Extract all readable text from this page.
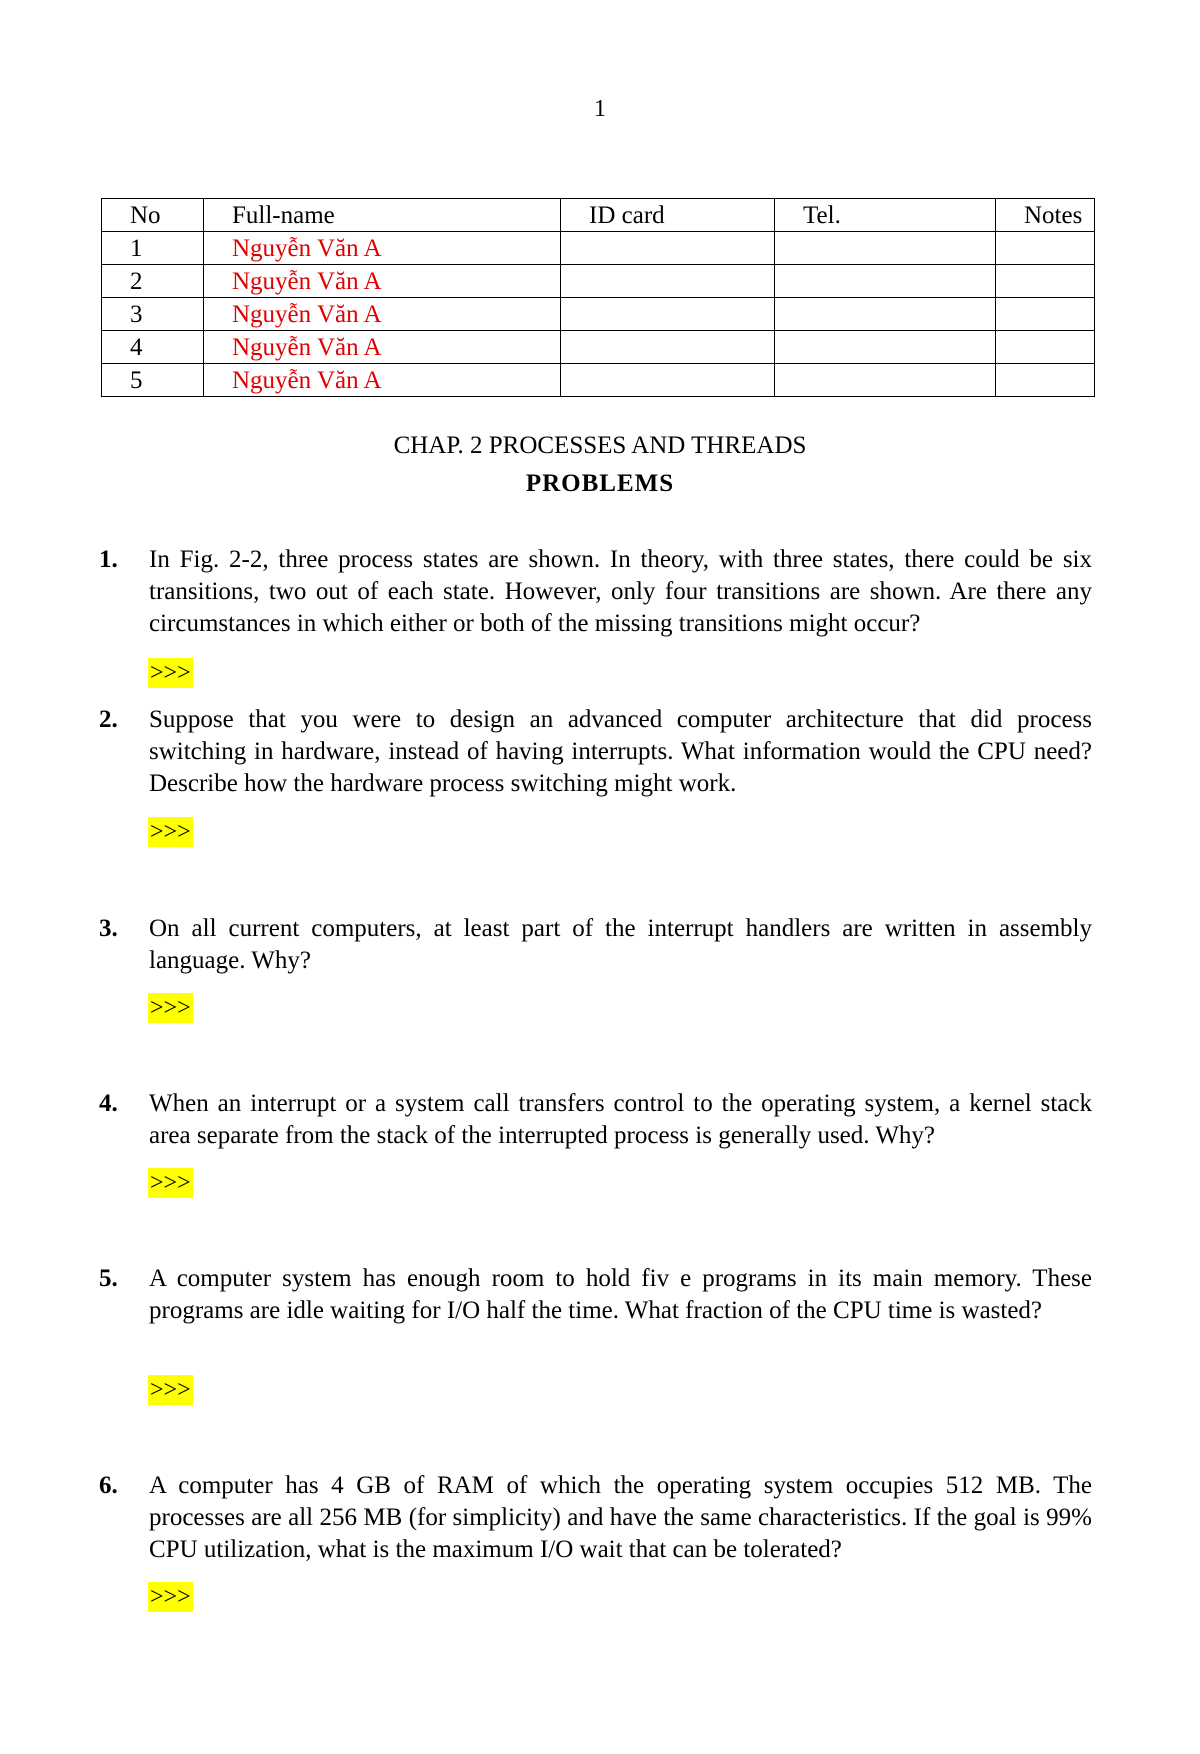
1
No	Full-name	ID card	Tel.	Notes
1	Nguyễn Văn A			
2	Nguyễn Văn A			
3	Nguyễn Văn A			
4	Nguyễn Văn A			
5	Nguyễn Văn A			
CHAP. 2 PROCESSES AND THREADS
PROBLEMS
1. In Fig. 2-2, three process states are shown. In theory, with three states, there could be six transitions, two out of each state. However, only four transitions are shown. Are there any circumstances in which either or both of the missing transitions might occur?
>>>
2. Suppose that you were to design an advanced computer architecture that did process switching in hardware, instead of having interrupts. What information would the CPU need? Describe how the hardware process switching might work.
>>>
3. On all current computers, at least part of the interrupt handlers are written in assembly language. Why?
>>>
4. When an interrupt or a system call transfers control to the operating system, a kernel stack area separate from the stack of the interrupted process is generally used. Why?
>>>
5. A computer system has enough room to hold fiv e programs in its main memory. These programs are idle waiting for I/O half the time. What fraction of the CPU time is wasted?
>>>
6. A computer has 4 GB of RAM of which the operating system occupies 512 MB. The processes are all 256 MB (for simplicity) and have the same characteristics. If the goal is 99% CPU utilization, what is the maximum I/O wait that can be tolerated?
>>>
